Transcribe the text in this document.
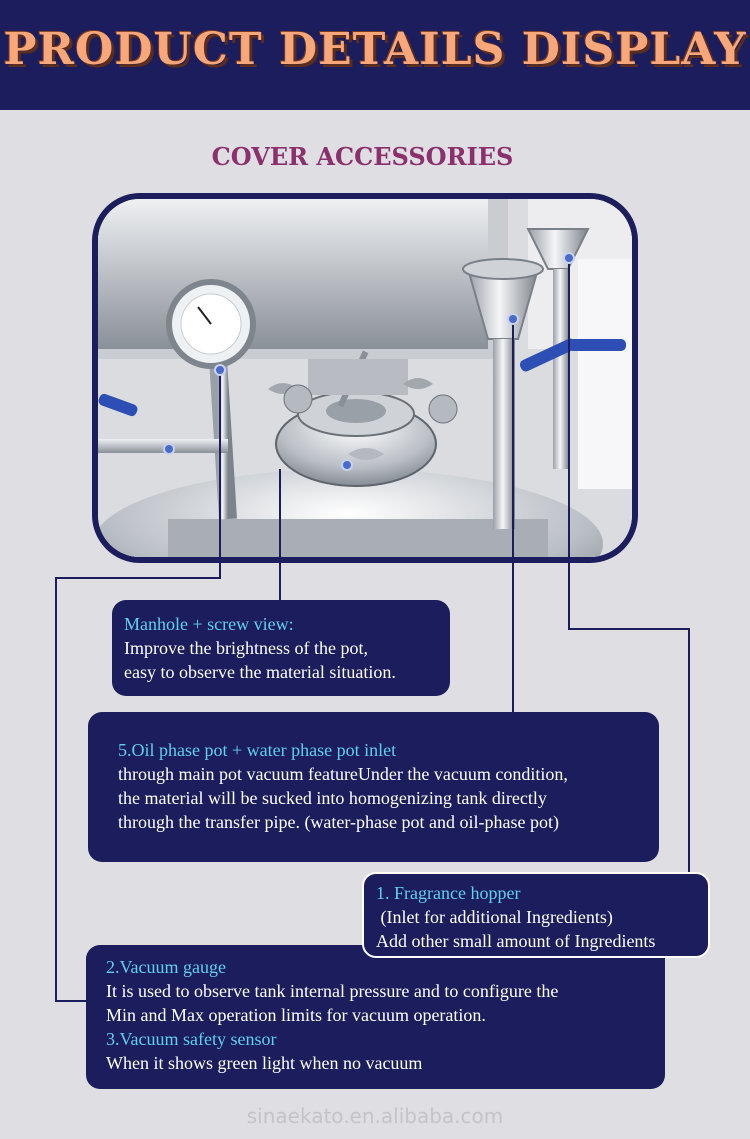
PRODUCT DETAILS DISPLAY
COVER ACCESSORIES
Manhole + screw view:
Improve the brightness of the pot,
easy to observe the material situation.
5.Oil phase pot + water phase pot inlet
through main pot vacuum featureUnder the vacuum condition,
the material will be sucked into homogenizing tank directly
through the transfer pipe. (water-phase pot and oil-phase pot)
2.Vacuum gauge
It is used to observe tank internal pressure and to configure the
Min and Max operation limits for vacuum operation.
3.Vacuum safety sensor
When it shows green light when no vacuum
1. Fragrance hopper
(Inlet for additional Ingredients)
Add other small amount of Ingredients
sinaekato.en.alibaba.com
